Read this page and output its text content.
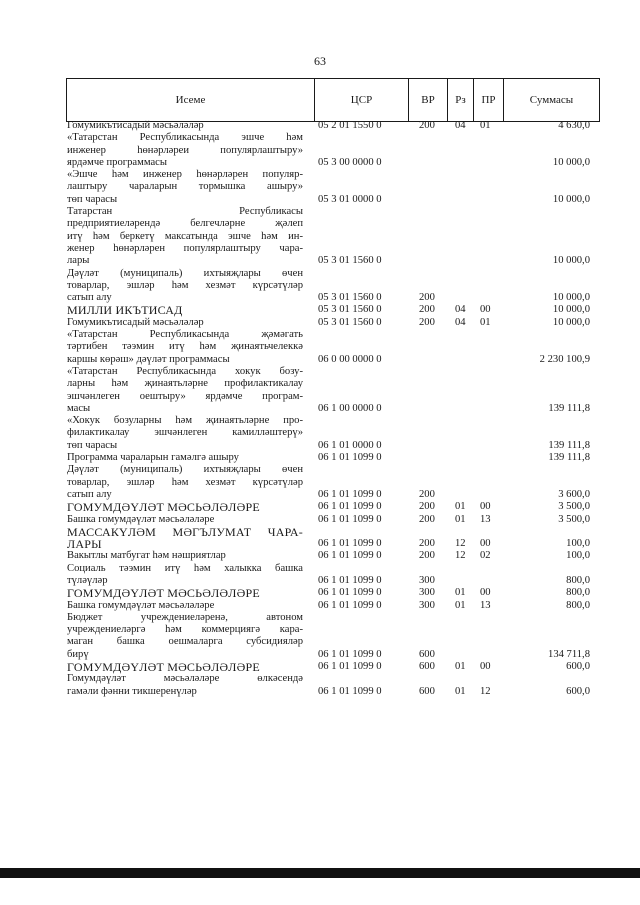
63
Исеме	ЦСР	ВР	Рз	ПР	Суммасы
Гомумикътисадый мәсьәләләр	05 2 01 1550 0	200 04 01	4 630,0
«Татарстан Республикасында эшче һәм
инженер һөнәрләреи популярлаштыру»
ярдәмче программасы	05 3 00 0000 0	10 000,0
«Эшче һәм инженер һөнәрләрен популяр-
лаштыру чараларын тормышка ашыру»
төп чарасы	05 3 01 0000 0	10 000,0
Татарстан Республикасы
предприятиеләрендә белгечләрне җәлеп
итү һәм беркетү максатында эшче һәм ин-
женер һөнәрләрен популярлаштыру чара-
лары	05 3 01 1560 0	10 000,0
Дәүләт (муниципаль) ихтыяҗлары өчен
товарлар, эшләр һәм хезмәт күрсәтүләр
сатып алу	05 3 01 1560 0	200	10 000,0
МИЛЛИ ИКЪТИСАД	05 3 01 1560 0	200 04 00	10 000,0
Гомумикътисадый мәсьәләләр	05 3 01 1560 0	200 04 01	10 000,0
«Татарстан Республикасында җәмәгать
тәртибен тәэмин итү һәм җинаятьчелеккә
каршы көрәш» дәүләт программасы	06 0 00 0000 0	2 230 100,9
«Татарстан Республикасында хокук бозу-
ларны һәм җинаятьләрне профилактикалау
эшчәнлеген оештыру» ярдәмче програм-
масы	06 1 00 0000 0	139 111,8
«Хокук бозуларны һәм җинаятьләрне про-
филактикалау эшчәнлеген камилләштерү»
төп чарасы	06 1 01 0000 0	139 111,8
Программа чараларын гамәлгә ашыру	06 1 01 1099 0	139 111,8
Дәүләт (муниципаль) ихтыяҗлары өчен
товарлар, эшләр һәм хезмәт күрсәтүләр
сатып алу	06 1 01 1099 0	200	3 600,0
ГОМУМДӘҮЛӘТ МӘСЬӘЛӘЛӘРЕ	06 1 01 1099 0	200 01 00	3 500,0
Башка гомумдәүләт мәсьәләләре	06 1 01 1099 0	200 01 13	3 500,0
МАССАКҮЛӘМ МӘГЪЛУМАТ ЧАРА-
ЛАРЫ	06 1 01 1099 0	200 12 00	100,0
Вакытлы матбугат һәм нәшриятлар	06 1 01 1099 0	200 12 02	100,0
Социаль тәэмин итү һәм халыкка башка
түләүләр	06 1 01 1099 0	300	800,0
ГОМУМДӘҮЛӘТ МӘСЬӘЛӘЛӘРЕ	06 1 01 1099 0	300 01 00	800,0
Башка гомумдәүләт мәсьәләләре	06 1 01 1099 0	300 01 13	800,0
Бюджет учреждениеләренә, автоном
учреждениеләргә һәм коммерциягә кара-
маган башка оешмаларга субсидияләр
бирү	06 1 01 1099 0	600	134 711,8
ГОМУМДӘҮЛӘТ МӘСЬӘЛӘЛӘРЕ	06 1 01 1099 0	600 01 00	600,0
Гомумдәүләт мәсьәләләре өлкәсендә
гамәли фәнни тикшеренүләр	06 1 01 1099 0	600 01 12	600,0
